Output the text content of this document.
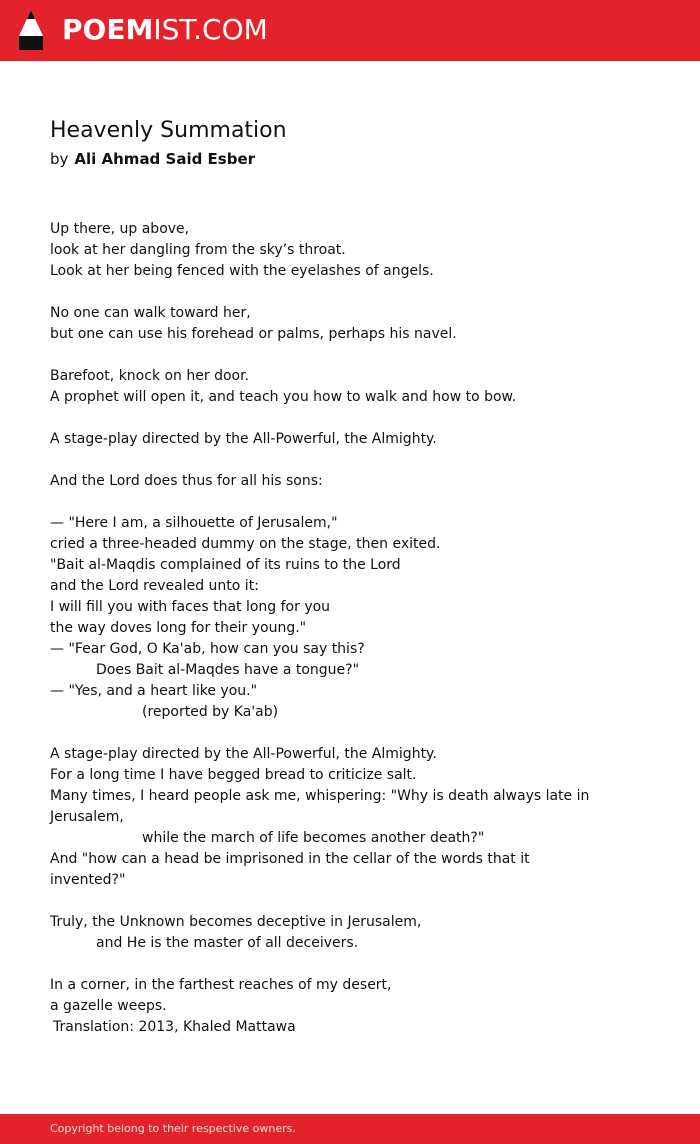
POEMIST.COM
Heavenly Summation
by Ali Ahmad Said Esber
Up there, up above,
look at her dangling from the sky’s throat.
Look at her being fenced with the eyelashes of angels.
No one can walk toward her,
but one can use his forehead or palms, perhaps his navel.
Barefoot, knock on her door.
A prophet will open it, and teach you how to walk and how to bow.
A stage-play directed by the All-Powerful, the Almighty.
And the Lord does thus for all his sons:
— "Here I am, a silhouette of Jerusalem,"
cried a three-headed dummy on the stage, then exited.
"Bait al-Maqdis complained of its ruins to the Lord
and the Lord revealed unto it:
I will fill you with faces that long for you
the way doves long for their young."
— "Fear God, O Ka'ab, how can you say this?
Does Bait al-Maqdes have a tongue?"
— "Yes, and a heart like you."
(reported by Ka'ab)
A stage-play directed by the All-Powerful, the Almighty.
For a long time I have begged bread to criticize salt.
Many times, I heard people ask me, whispering: "Why is death always late in
Jerusalem,
while the march of life becomes another death?"
And "how can a head be imprisoned in the cellar of the words that it
invented?"
Truly, the Unknown becomes deceptive in Jerusalem,
and He is the master of all deceivers.
In a corner, in the farthest reaches of my desert,
a gazelle weeps.
Translation: 2013, Khaled Mattawa
Copyright belong to their respective owners.
